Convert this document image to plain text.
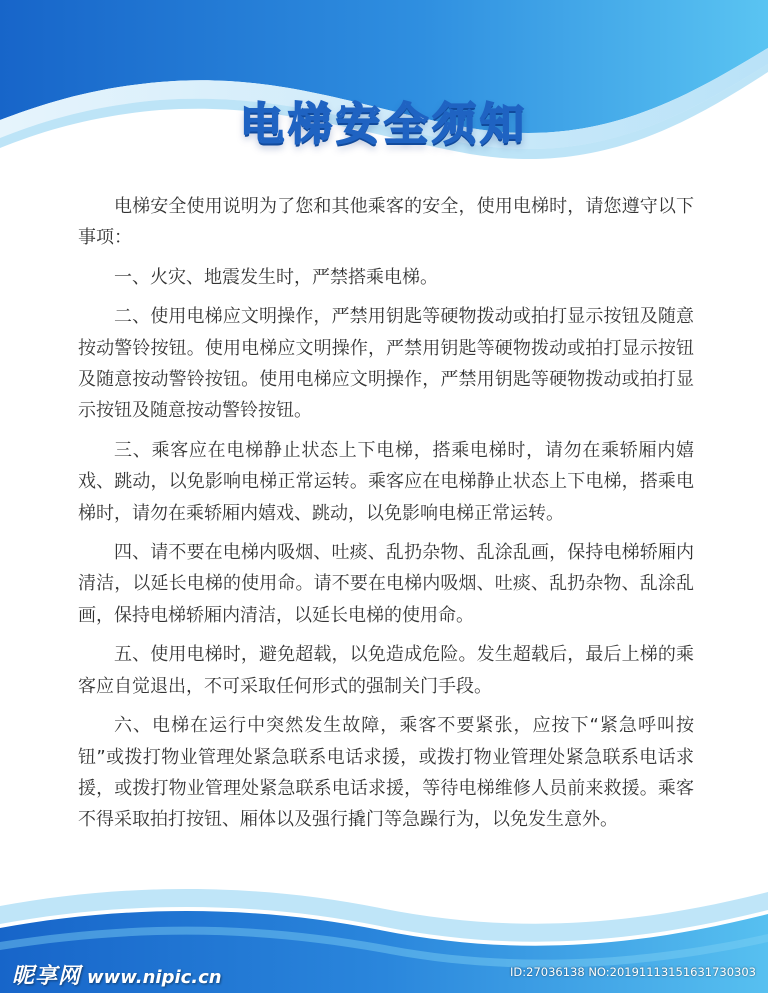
电梯安全须知

电梯安全使用说明为了您和其他乘客的安全，使用电梯时，请您遵守以下事项：

一、火灾、地震发生时，严禁搭乘电梯。

二、使用电梯应文明操作，严禁用钥匙等硬物拨动或拍打显示按钮及随意按动警铃按钮。使用电梯应文明操作，严禁用钥匙等硬物拨动或拍打显示按钮及随意按动警铃按钮。使用电梯应文明操作，严禁用钥匙等硬物拨动或拍打显示按钮及随意按动警铃按钮。

三、乘客应在电梯静止状态上下电梯，搭乘电梯时，请勿在乘轿厢内嬉戏、跳动，以免影响电梯正常运转。乘客应在电梯静止状态上下电梯，搭乘电梯时，请勿在乘轿厢内嬉戏、跳动，以免影响电梯正常运转。

四、请不要在电梯内吸烟、吐痰、乱扔杂物、乱涂乱画，保持电梯轿厢内清洁，以延长电梯的使用命。请不要在电梯内吸烟、吐痰、乱扔杂物、乱涂乱画，保持电梯轿厢内清洁，以延长电梯的使用命。

五、使用电梯时，避免超载，以免造成危险。发生超载后，最后上梯的乘客应自觉退出，不可采取任何形式的强制关门手段。

六、电梯在运行中突然发生故障，乘客不要紧张，应按下“紧急呼叫按钮”或拨打物业管理处紧急联系电话求援，或拨打物业管理处紧急联系电话求援，或拨打物业管理处紧急联系电话求援，等待电梯维修人员前来救援。乘客不得采取拍打按钮、厢体以及强行撬门等急躁行为，以免发生意外。

昵享网 www.nipic.cn	ID:27036138 NO:20191113151631730303
